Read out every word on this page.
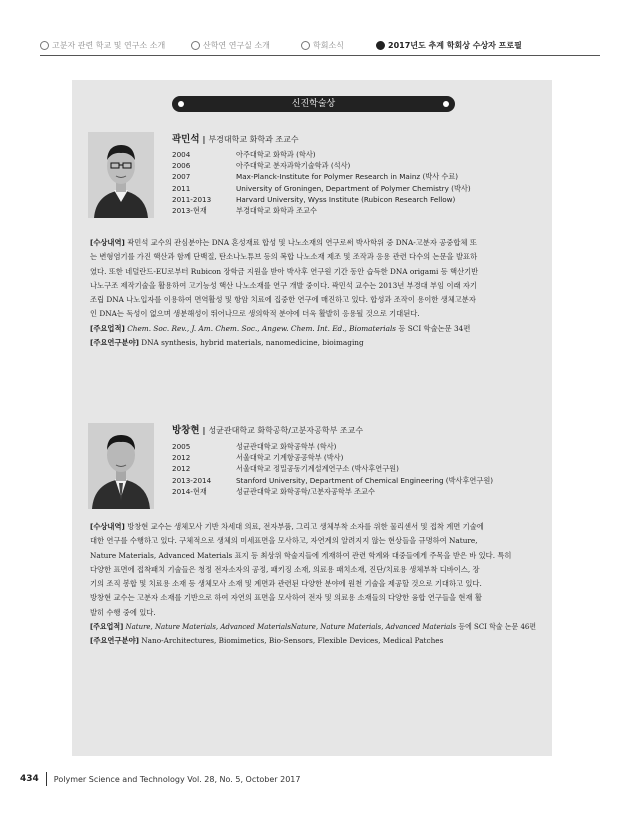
고분자 관련 학교 및 연구소 소개	산학연 연구실 소개	학회소식	2017년도 추계 학회상 수상자 프로필
신진학술상
곽민석 | 부경대학교 화학과 조교수
2004	아주대학교 화학과 (학사)
2006	아주대학교 분자과학기술학과 (석사)
2007	Max-Planck-Institute for Polymer Research in Mainz (박사 수료)
2011	University of Groningen, Department of Polymer Chemistry (박사)
2011-2013	Harvard University, Wyss Institute (Rubicon Research Fellow)
2013-현재	부경대학교 화학과 조교수
[수상내역] 곽민석 교수의 관심분야는 DNA 혼성재료 합성 및 나노소재의 연구로써 박사학위 중 DNA-고분자 공중합체 또
는 변형염기를 가진 핵산과 함께 단백질, 탄소나노튜브 등의 복합 나노소재 제조 및 조작과 응용 관련 다수의 논문을 발표하
였다. 또한 네덜란드-EU로부터 Rubicon 장학금 지원을 받아 박사후 연구원 기간 동안 습득한 DNA origami 등 핵산기반
나노구조 제작기술을 활용하여 고기능성 핵산 나노소재를 연구 개발 중이다. 곽민석 교수는 2013년 부경대 부임 이래 자기
조립 DNA 나노입자를 이용하여 면역활성 및 항암 치료에 집중한 연구에 매진하고 있다. 합성과 조작이 용이한 생체고분자
인 DNA는 독성이 없으며 생분해성이 뛰어나므로 생의학적 분야에 더욱 활발히 응용될 것으로 기대된다.
[주요업적] Chem. Soc. Rev., J. Am. Chem. Soc., Angew. Chem. Int. Ed., Biomaterials 등 SCI 학술논문 34편
[주요연구분야] DNA synthesis, hybrid materials, nanomedicine, bioimaging
방창현 | 성균관대학교 화학공학/고분자공학부 조교수
2005	성균관대학교 화학공학부 (학사)
2012	서울대학교 기계항공공학부 (박사)
2012	서울대학교 정밀공동기계설계연구소 (박사후연구원)
2013-2014	Stanford University, Department of Chemical Engineering (박사후연구원)
2014-현재	성균관대학교 화학공학/고분자공학부 조교수
[수상내역] 방창현 교수는 생체모사 기반 차세대 의료, 전자부품, 그리고 생체부착 소자를 위한 물리센서 및 접착 계면 기술에
대한 연구를 수행하고 있다. 구체적으로 생체의 미세표면을 모사하고, 자연계의 알려지지 않는 현상들을 규명하여 Nature,
Nature Materials, Advanced Materials 표지 등 최상위 학술지들에 게재하여 관련 학계와 대중들에게 주목을 받은 바 있다. 특히
다양한 표면에 접착패치 기술들은 청정 전자소자의 공정, 패키징 소재, 의료용 패치소재, 진단/치료용 생체부착 디바이스, 장
기의 조직 봉합 및 치료용 소재 등 생체모사 소재 및 계면과 관련된 다양한 분야에 원천 기술을 제공할 것으로 기대하고 있다.
방창현 교수는 고분자 소재를 기반으로 하여 자연의 표면을 모사하여 전자 및 의료용 소재들의 다양한 융합 연구들을 현재 활
발히 수행 중에 있다.
[주요업적] Nature, Nature Materials, Advanced MaterialsNature, Nature Materials, Advanced Materials 등에 SCI 학술 논문 46편
[주요연구분야] Nano-Architectures, Biomimetics, Bio-Sensors, Flexible Devices, Medical Patches
434 Polymer Science and Technology Vol. 28, No. 5, October 2017
